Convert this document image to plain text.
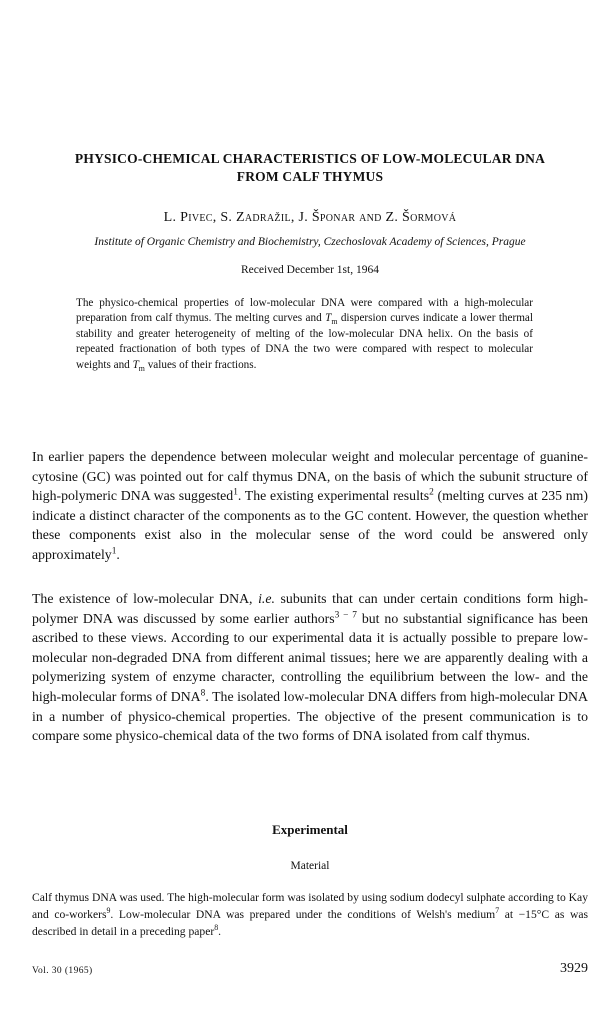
PHYSICO-CHEMICAL CHARACTERISTICS OF LOW-MOLECULAR DNA
FROM CALF THYMUS
L. Pivec, S. Zadražil, J. Šponar and Z. Šormová
Institute of Organic Chemistry and Biochemistry, Czechoslovak Academy of Sciences, Prague
Received December 1st, 1964
The physico-chemical properties of low-molecular DNA were compared with a high-molecular preparation from calf thymus. The melting curves and $T_m$ dispersion curves indicate a lower thermal stability and greater heterogeneity of melting of the low-molecular DNA helix. On the basis of repeated fractionation of both types of DNA the two were compared with respect to molecular weights and $T_m$ values of their fractions.
In earlier papers the dependence between molecular weight and molecular percentage of guanine-cytosine (GC) was pointed out for calf thymus DNA, on the basis of which the subunit structure of high-polymeric DNA was suggested$^1$. The existing experimental results$^2$ (melting curves at 235 nm) indicate a distinct character of the components as to the GC content. However, the question whether these components exist also in the molecular sense of the word could be answered only approximately$^1$.
The existence of low-molecular DNA, i.e. subunits that can under certain conditions form high-polymer DNA was discussed by some earlier authors$^{3 - 7}$ but no substantial significance has been ascribed to these views. According to our experimental data it is actually possible to prepare low-molecular non-degraded DNA from different animal tissues; here we are apparently dealing with a polymerizing system of enzyme character, controlling the equilibrium between the low- and the high-molecular forms of DNA$^8$. The isolated low-molecular DNA differs from high-molecular DNA in a number of physico-chemical properties. The objective of the present communication is to compare some physico-chemical data of the two forms of DNA isolated from calf thymus.
Experimental
Material
Calf thymus DNA was used. The high-molecular form was isolated by using sodium dodecyl sulphate according to Kay and co-workers$^9$. Low-molecular DNA was prepared under the conditions of Welsh's medium$^7$ at −15°C as was described in detail in a preceding paper$^8$.
Vol. 30 (1965)	3929
